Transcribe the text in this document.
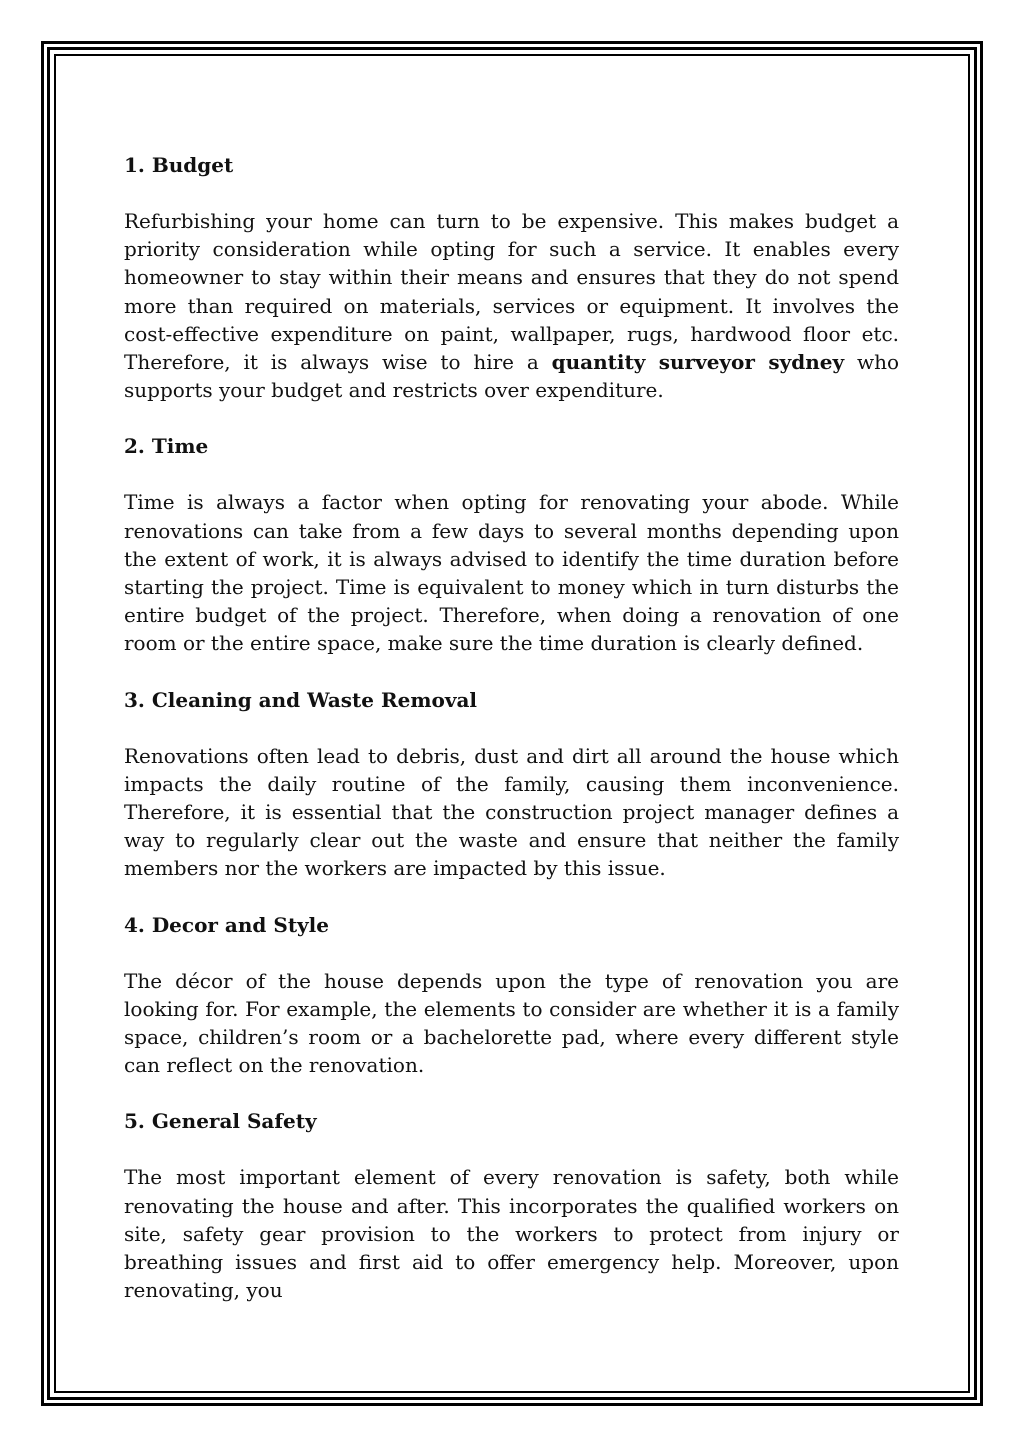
1. Budget

Refurbishing your home can turn to be expensive. This makes budget a priority consideration while opting for such a service. It enables every homeowner to stay within their means and ensures that they do not spend more than required on materials, services or equipment. It involves the cost-effective expenditure on paint, wallpaper, rugs, hardwood floor etc. Therefore, it is always wise to hire a quantity surveyor sydney who supports your budget and restricts over expenditure.

2. Time

Time is always a factor when opting for renovating your abode. While renovations can take from a few days to several months depending upon the extent of work, it is always advised to identify the time duration before starting the project. Time is equivalent to money which in turn disturbs the entire budget of the project. Therefore, when doing a renovation of one room or the entire space, make sure the time duration is clearly defined.

3. Cleaning and Waste Removal

Renovations often lead to debris, dust and dirt all around the house which impacts the daily routine of the family, causing them inconvenience. Therefore, it is essential that the construction project manager defines a way to regularly clear out the waste and ensure that neither the family members nor the workers are impacted by this issue.

4. Decor and Style

The décor of the house depends upon the type of renovation you are looking for. For example, the elements to consider are whether it is a family space, children’s room or a bachelorette pad, where every different style can reflect on the renovation.

5. General Safety

The most important element of every renovation is safety, both while renovating the house and after. This incorporates the qualified workers on site, safety gear provision to the workers to protect from injury or breathing issues and first aid to offer emergency help. Moreover, upon renovating, you
